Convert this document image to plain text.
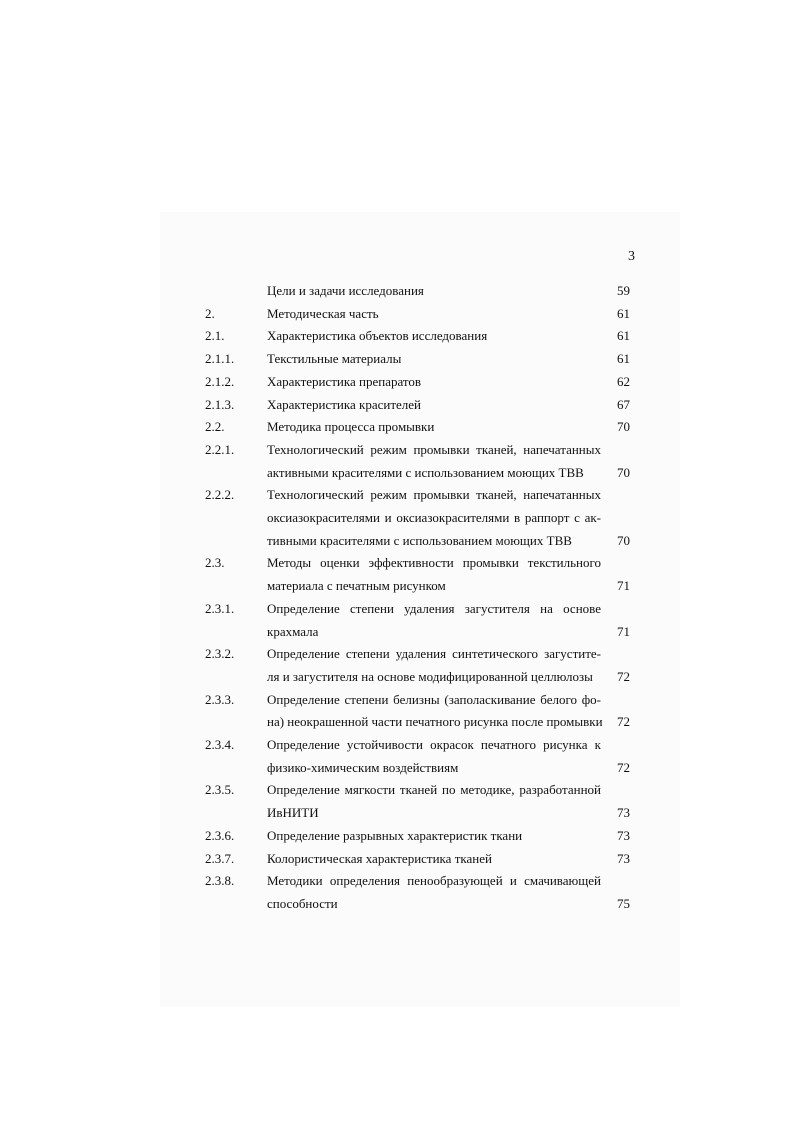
3
Цели и задачи исследования	59
2.	Методическая часть	61
2.1.	Характеристика объектов исследования	61
2.1.1.	Текстильные материалы	61
2.1.2.	Характеристика препаратов	62
2.1.3.	Характеристика красителей	67
2.2.	Методика процесса промывки	70
2.2.1.	Технологический режим промывки тканей, напечатанных
активными красителями с использованием моющих ТВВ	70
2.2.2.	Технологический режим промывки тканей, напечатанных
оксиазокрасителями и оксиазокрасителями в раппорт с ак-
тивными красителями с использованием моющих ТВВ	70
2.3.	Методы оценки эффективности промывки текстильного
материала с печатным рисунком	71
2.3.1.	Определение степени удаления загустителя на основе
крахмала	71
2.3.2.	Определение степени удаления синтетического загустите-
ля и загустителя на основе модифицированной целлюлозы	72
2.3.3.	Определение степени белизны (заполаскивание белого фо-
на) неокрашенной части печатного рисунка после промывки 72
2.3.4.	Определение устойчивости окрасок печатного рисунка к
физико-химическим воздействиям	72
2.3.5.	Определение мягкости тканей по методике, разработанной
ИвНИТИ	73
2.3.6.	Определение разрывных характеристик ткани	73
2.3.7.	Колористическая характеристика тканей	73
2.3.8.	Методики определения пенообразующей и смачивающей
способности	75
